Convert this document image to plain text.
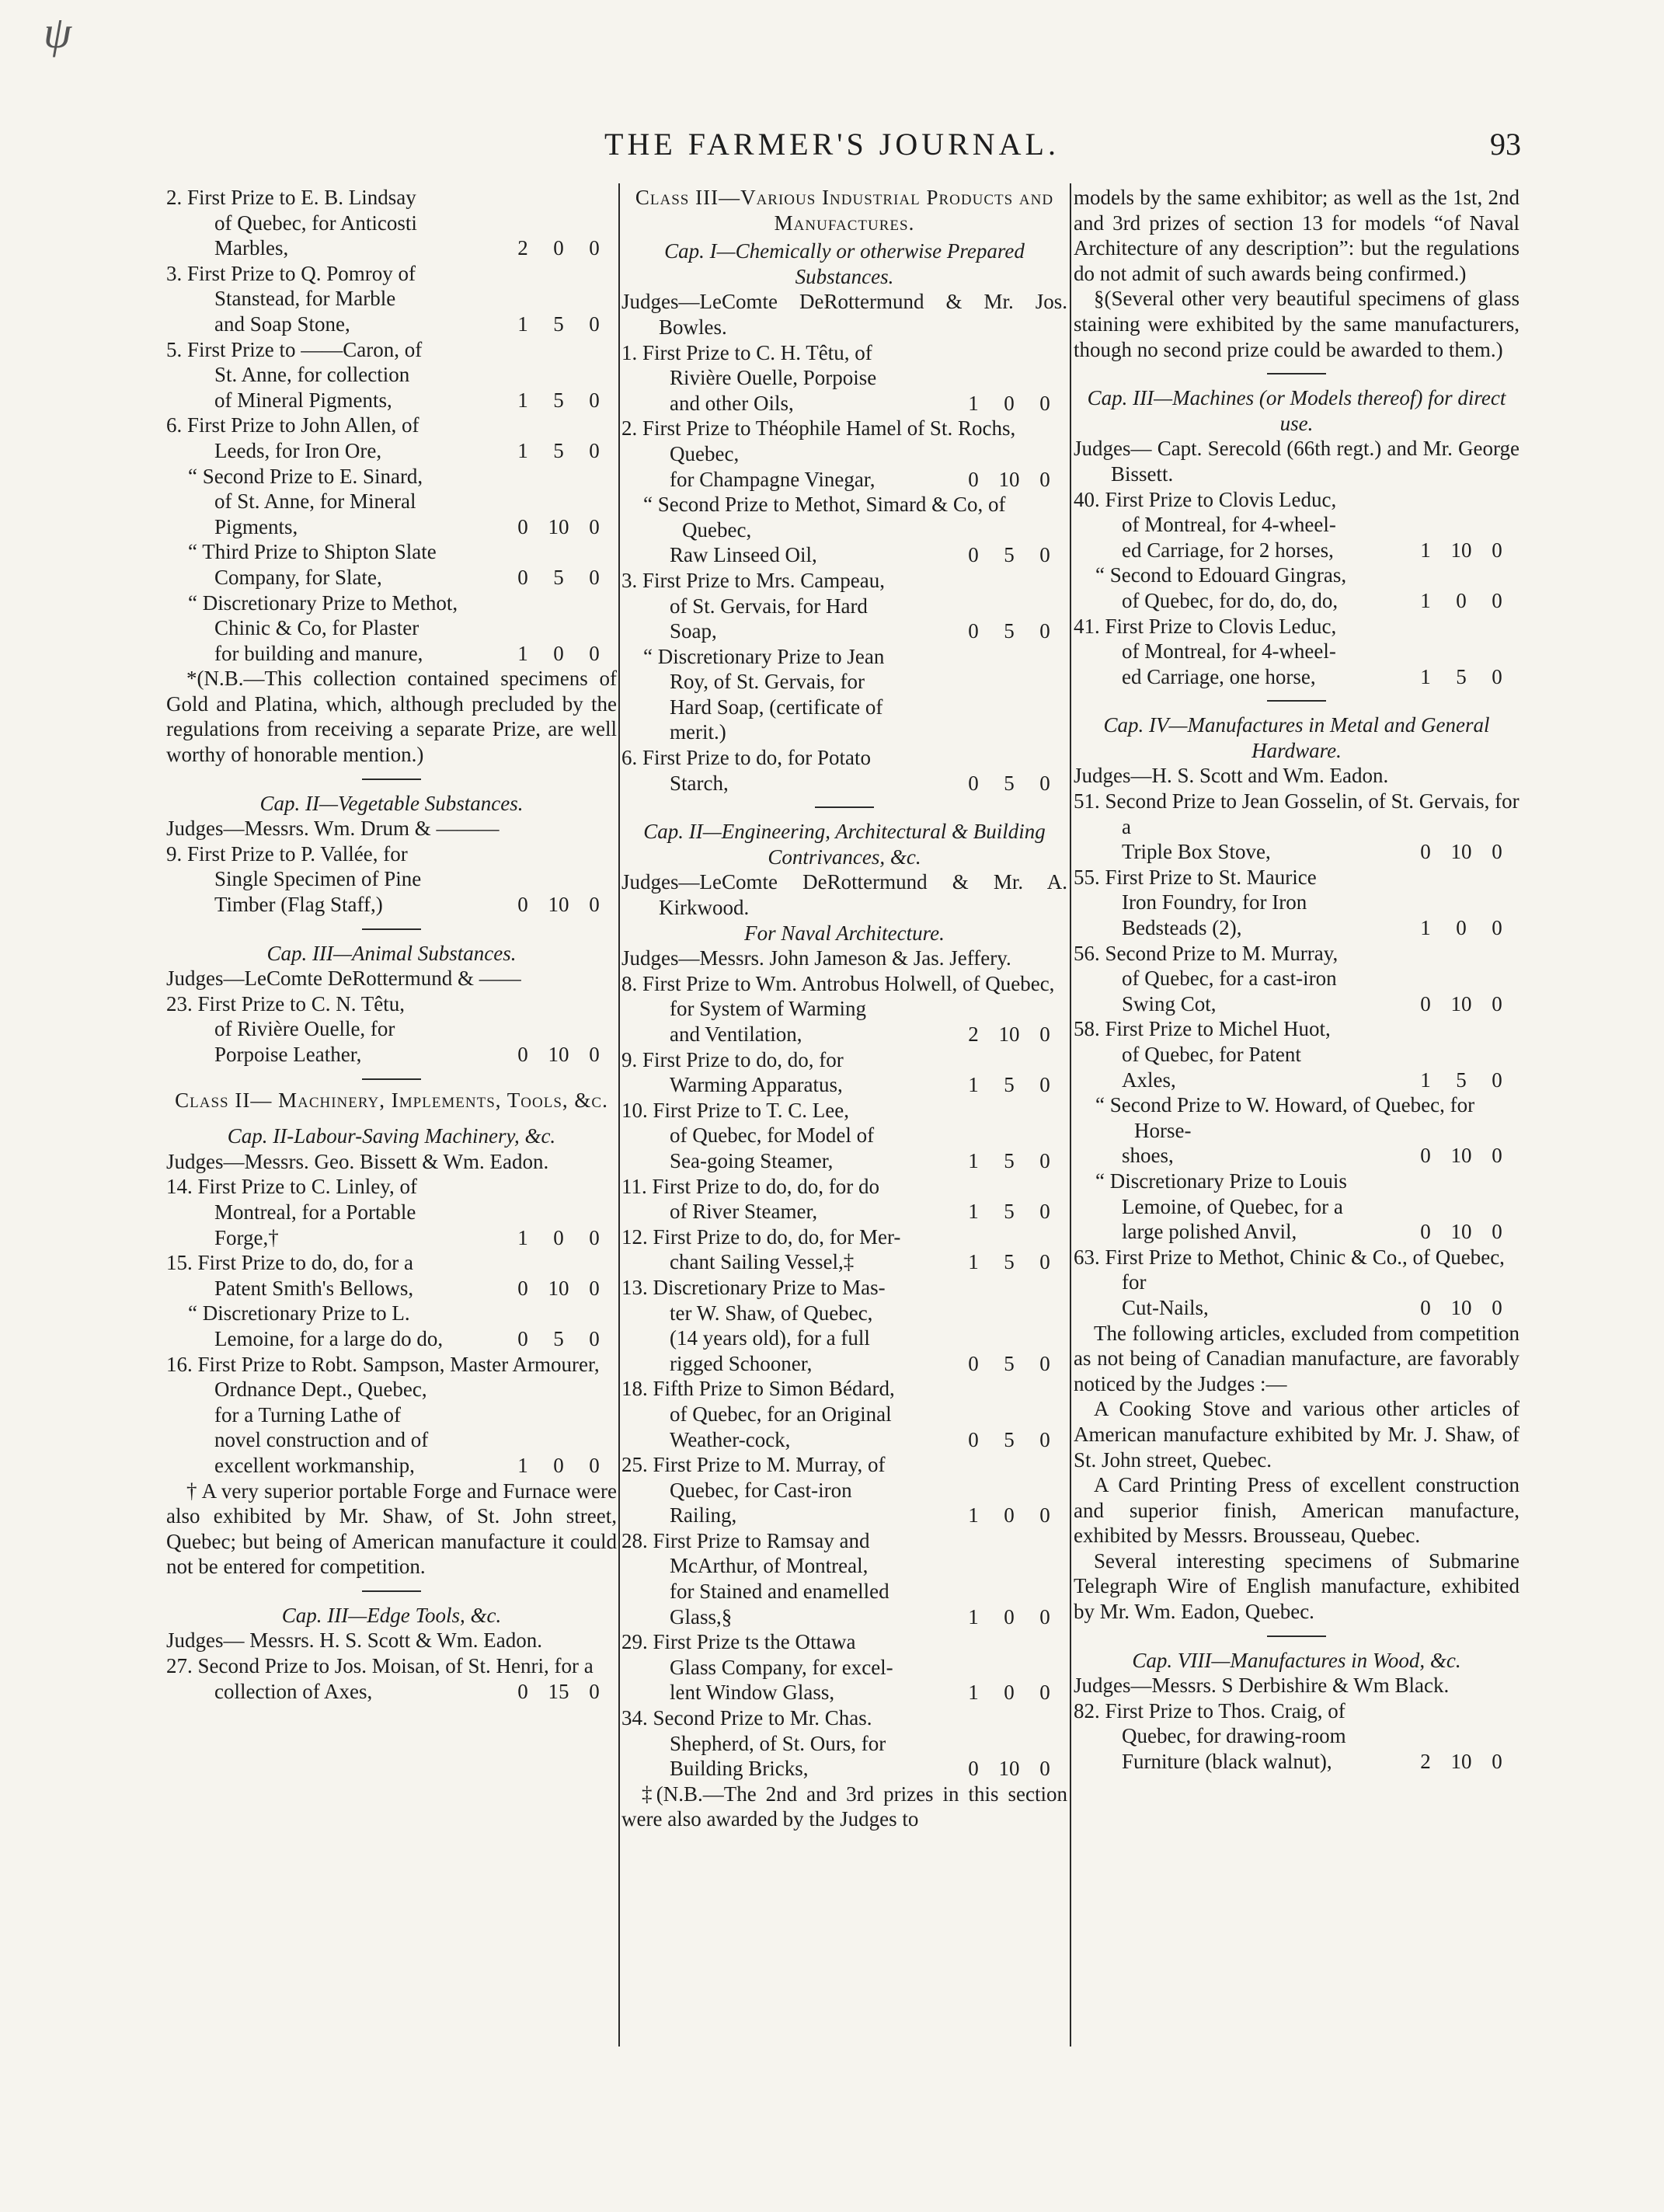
ψ
THE FARMER'S JOURNAL.	93
2. First Prize to E. B. Lindsay
of Quebec, for Anticosti
Marbles,	2 0 0
3. First Prize to Q. Pomroy of
Stanstead, for Marble
and Soap Stone,	1 5 0
5. First Prize to ——Caron, of
St. Anne, for collection
of Mineral Pigments,	1 5 0
6. First Prize to John Allen, of
Leeds, for Iron Ore,	1 5 0
“ Second Prize to E. Sinard,
of St. Anne, for Mineral
Pigments,	0 10 0
“ Third Prize to Shipton Slate
Company, for Slate,	0 5 0
“ Discretionary Prize to Methot,
Chinic & Co, for Plaster
for building and manure,	1 0 0
*(N.B.—This collection contained specimens of Gold and Platina, which, although precluded by the regulations from receiving a separate Prize, are well worthy of honorable mention.)
Cap. II—Vegetable Substances.
Judges—Messrs. Wm. Drum & ———
9. First Prize to P. Vallée, for
Single Specimen of Pine
Timber (Flag Staff,)	0 10 0
Cap. III—Animal Substances.
Judges—LeComte DeRottermund & ——
23. First Prize to C. N. Têtu,
of Rivière Ouelle, for
Porpoise Leather,	0 10 0
Class II— Machinery, Implements, Tools, &c.
Cap. II-Labour-Saving Machinery, &c.
Judges—Messrs. Geo. Bissett & Wm. Eadon.
14. First Prize to C. Linley, of
Montreal, for a Portable
Forge,†	1 0 0
15. First Prize to do, do, for a
Patent Smith's Bellows,	0 10 0
“ Discretionary Prize to L.
Lemoine, for a large do do,	0 5 0
16. First Prize to Robt. Sampson, Master Armourer,
Ordnance Dept., Quebec,
for a Turning Lathe of
novel construction and of
excellent workmanship,	1 0 0
† A very superior portable Forge and Furnace were also exhibited by Mr. Shaw, of St. John street, Quebec; but being of American manufacture it could not be entered for competition.
Cap. III—Edge Tools, &c.
Judges— Messrs. H. S. Scott & Wm. Eadon.
27. Second Prize to Jos. Moisan, of St. Henri, for a
collection of Axes,	0 15 0
Class III—Various Industrial Products and Manufactures.
Cap. I—Chemically or otherwise Prepared Substances.
Judges—LeComte DeRottermund & Mr. Jos. Bowles.
1. First Prize to C. H. Têtu, of
Rivière Ouelle, Porpoise
and other Oils,	1 0 0
2. First Prize to Théophile Hamel of St. Rochs, Quebec,
for Champagne Vinegar,	0 10 0
“ Second Prize to Methot, Simard & Co, of Quebec,
Raw Linseed Oil,	0 5 0
3. First Prize to Mrs. Campeau,
of St. Gervais, for Hard
Soap,	0 5 0
“ Discretionary Prize to Jean
Roy, of St. Gervais, for
Hard Soap, (certificate of
merit.)
6. First Prize to do, for Potato
Starch,	0 5 0
Cap. II—Engineering, Architectural & Building Contrivances, &c.
Judges—LeComte DeRottermund & Mr. A. Kirkwood.
For Naval Architecture.
Judges—Messrs. John Jameson & Jas. Jeffery.
8. First Prize to Wm. Antrobus Holwell, of Quebec,
for System of Warming
and Ventilation,	2 10 0
9. First Prize to do, do, for
Warming Apparatus,	1 5 0
10. First Prize to T. C. Lee,
of Quebec, for Model of
Sea-going Steamer,	1 5 0
11. First Prize to do, do, for do
of River Steamer,	1 5 0
12. First Prize to do, do, for Mer-
chant Sailing Vessel,‡	1 5 0
13. Discretionary Prize to Mas-
ter W. Shaw, of Quebec,
(14 years old), for a full
rigged Schooner,	0 5 0
18. Fifth Prize to Simon Bédard,
of Quebec, for an Original
Weather-cock,	0 5 0
25. First Prize to M. Murray, of
Quebec, for Cast-iron
Railing,	1 0 0
28. First Prize to Ramsay and
McArthur, of Montreal,
for Stained and enamelled
Glass,§	1 0 0
29. First Prize ts the Ottawa
Glass Company, for excel-
lent Window Glass,	1 0 0
34. Second Prize to Mr. Chas.
Shepherd, of St. Ours, for
Building Bricks,	0 10 0
‡(N.B.—The 2nd and 3rd prizes in this section were also awarded by the Judges to
models by the same exhibitor; as well as the 1st, 2nd and 3rd prizes of section 13 for models “of Naval Architecture of any description”: but the regulations do not admit of such awards being confirmed.)
§(Several other very beautiful specimens of glass staining were exhibited by the same manufacturers, though no second prize could be awarded to them.)
Cap. III—Machines (or Models thereof) for direct use.
Judges— Capt. Serecold (66th regt.) and Mr. George Bissett.
40. First Prize to Clovis Leduc,
of Montreal, for 4-wheel-
ed Carriage, for 2 horses,	1 10 0
“ Second to Edouard Gingras,
of Quebec, for do, do, do,	1 0 0
41. First Prize to Clovis Leduc,
of Montreal, for 4-wheel-
ed Carriage, one horse,	1 5 0
Cap. IV—Manufactures in Metal and General Hardware.
Judges—H. S. Scott and Wm. Eadon.
51. Second Prize to Jean Gosselin, of St. Gervais, for a
Triple Box Stove,	0 10 0
55. First Prize to St. Maurice
Iron Foundry, for Iron
Bedsteads (2),	1 0 0
56. Second Prize to M. Murray,
of Quebec, for a cast-iron
Swing Cot,	0 10 0
58. First Prize to Michel Huot,
of Quebec, for Patent
Axles,	1 5 0
“ Second Prize to W. Howard, of Quebec, for Horse-
shoes,	0 10 0
“ Discretionary Prize to Louis
Lemoine, of Quebec, for a
large polished Anvil,	0 10 0
63. First Prize to Methot, Chinic & Co., of Quebec, for
Cut-Nails,	0 10 0
The following articles, excluded from competition as not being of Canadian manufacture, are favorably noticed by the Judges :—
A Cooking Stove and various other articles of American manufacture exhibited by Mr. J. Shaw, of St. John street, Quebec.
A Card Printing Press of excellent construction and superior finish, American manufacture, exhibited by Messrs. Brousseau, Quebec.
Several interesting specimens of Submarine Telegraph Wire of English manufacture, exhibited by Mr. Wm. Eadon, Quebec.
Cap. VIII—Manufactures in Wood, &c.
Judges—Messrs. S Derbishire & Wm Black.
82. First Prize to Thos. Craig, of
Quebec, for drawing-room
Furniture (black walnut),	2 10 0
